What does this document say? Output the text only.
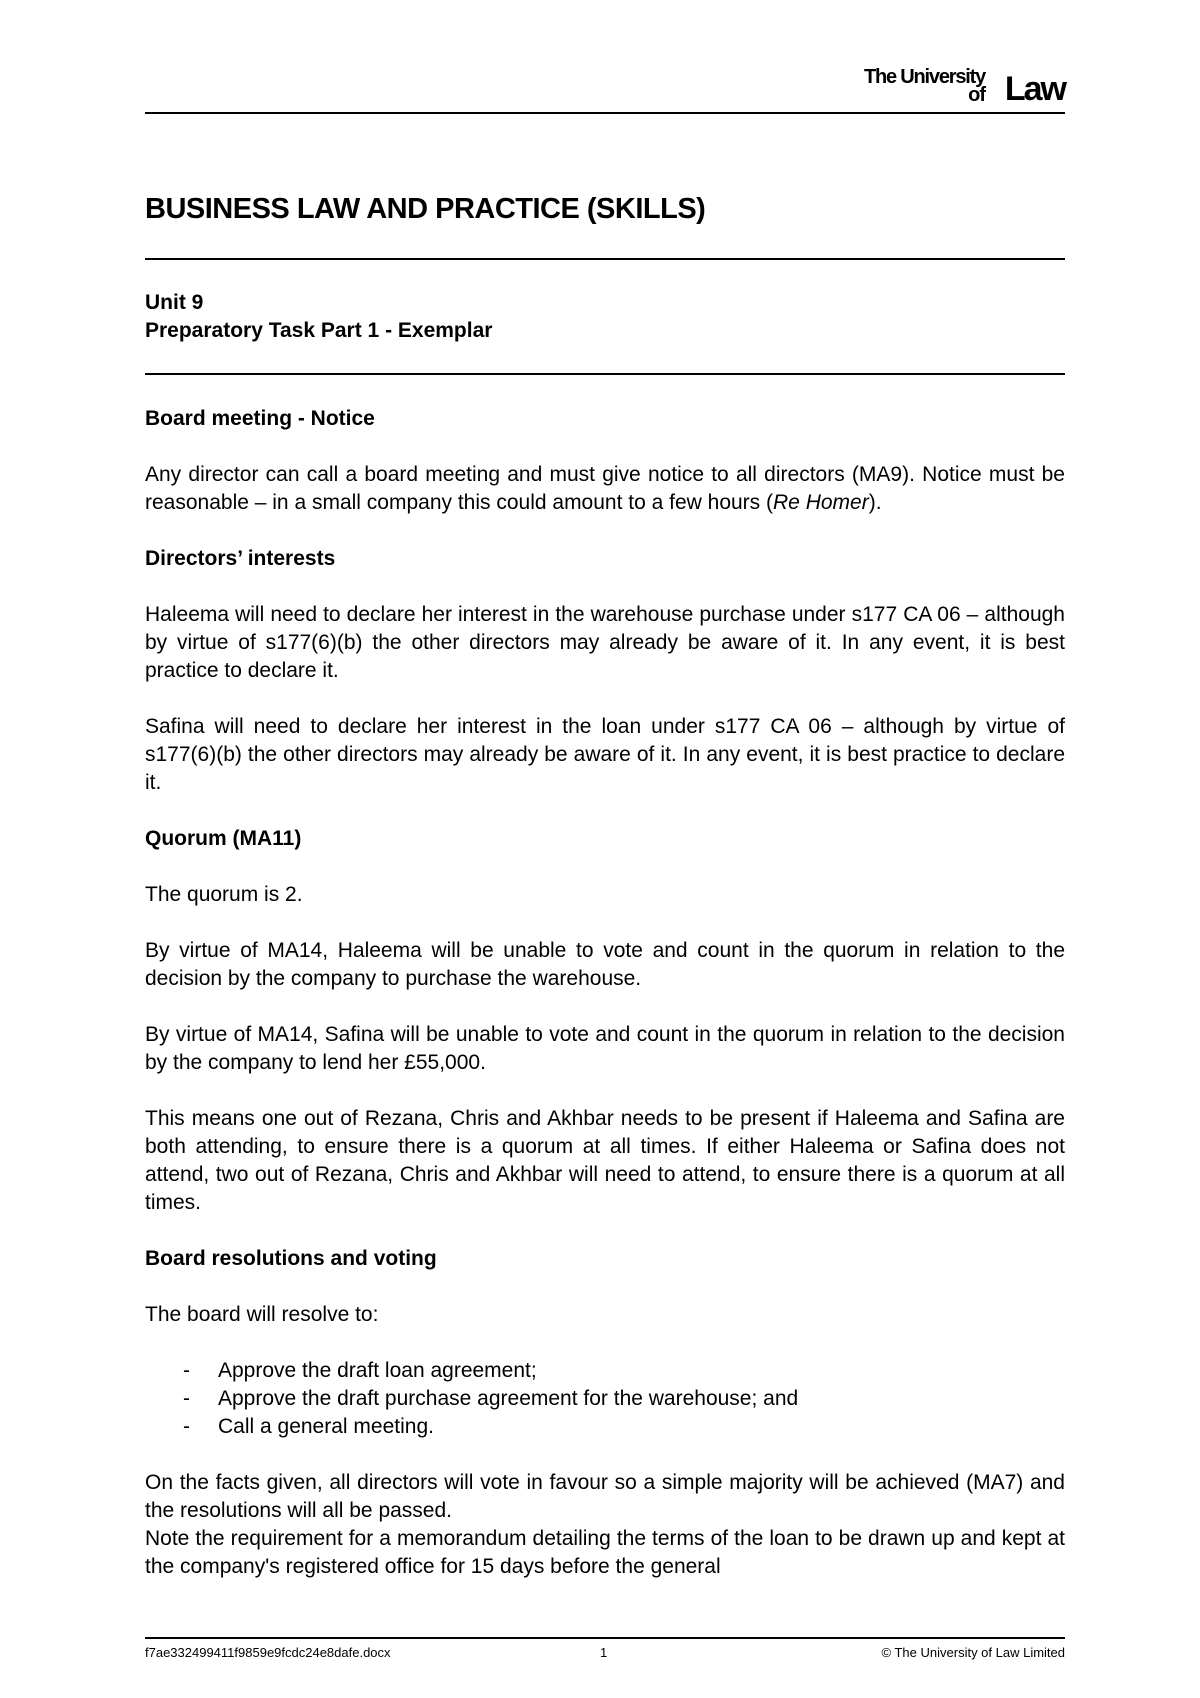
The University
of Law
BUSINESS LAW AND PRACTICE (SKILLS)
Unit 9
Preparatory Task Part 1 - Exemplar
Board meeting - Notice

Any director can call a board meeting and must give notice to all directors (MA9). Notice must be reasonable – in a small company this could amount to a few hours (Re Homer).

Directors’ interests

Haleema will need to declare her interest in the warehouse purchase under s177 CA 06 – although by virtue of s177(6)(b) the other directors may already be aware of it. In any event, it is best practice to declare it.

Safina will need to declare her interest in the loan under s177 CA 06 – although by virtue of s177(6)(b) the other directors may already be aware of it. In any event, it is best practice to declare it.

Quorum (MA11)

The quorum is 2.

By virtue of MA14, Haleema will be unable to vote and count in the quorum in relation to the decision by the company to purchase the warehouse.

By virtue of MA14, Safina will be unable to vote and count in the quorum in relation to the decision by the company to lend her £55,000.

This means one out of Rezana, Chris and Akhbar needs to be present if Haleema and Safina are both attending, to ensure there is a quorum at all times. If either Haleema or Safina does not attend, two out of Rezana, Chris and Akhbar will need to attend, to ensure there is a quorum at all times.

Board resolutions and voting

The board will resolve to:

- Approve the draft loan agreement;
- Approve the draft purchase agreement for the warehouse; and
- Call a general meeting.

On the facts given, all directors will vote in favour so a simple majority will be achieved (MA7) and the resolutions will all be passed.

Note the requirement for a memorandum detailing the terms of the loan to be drawn up and kept at the company's registered office for 15 days before the general

f7ae332499411f9859e9fcdc24e8dafe.docx	1	© The University of Law Limited
